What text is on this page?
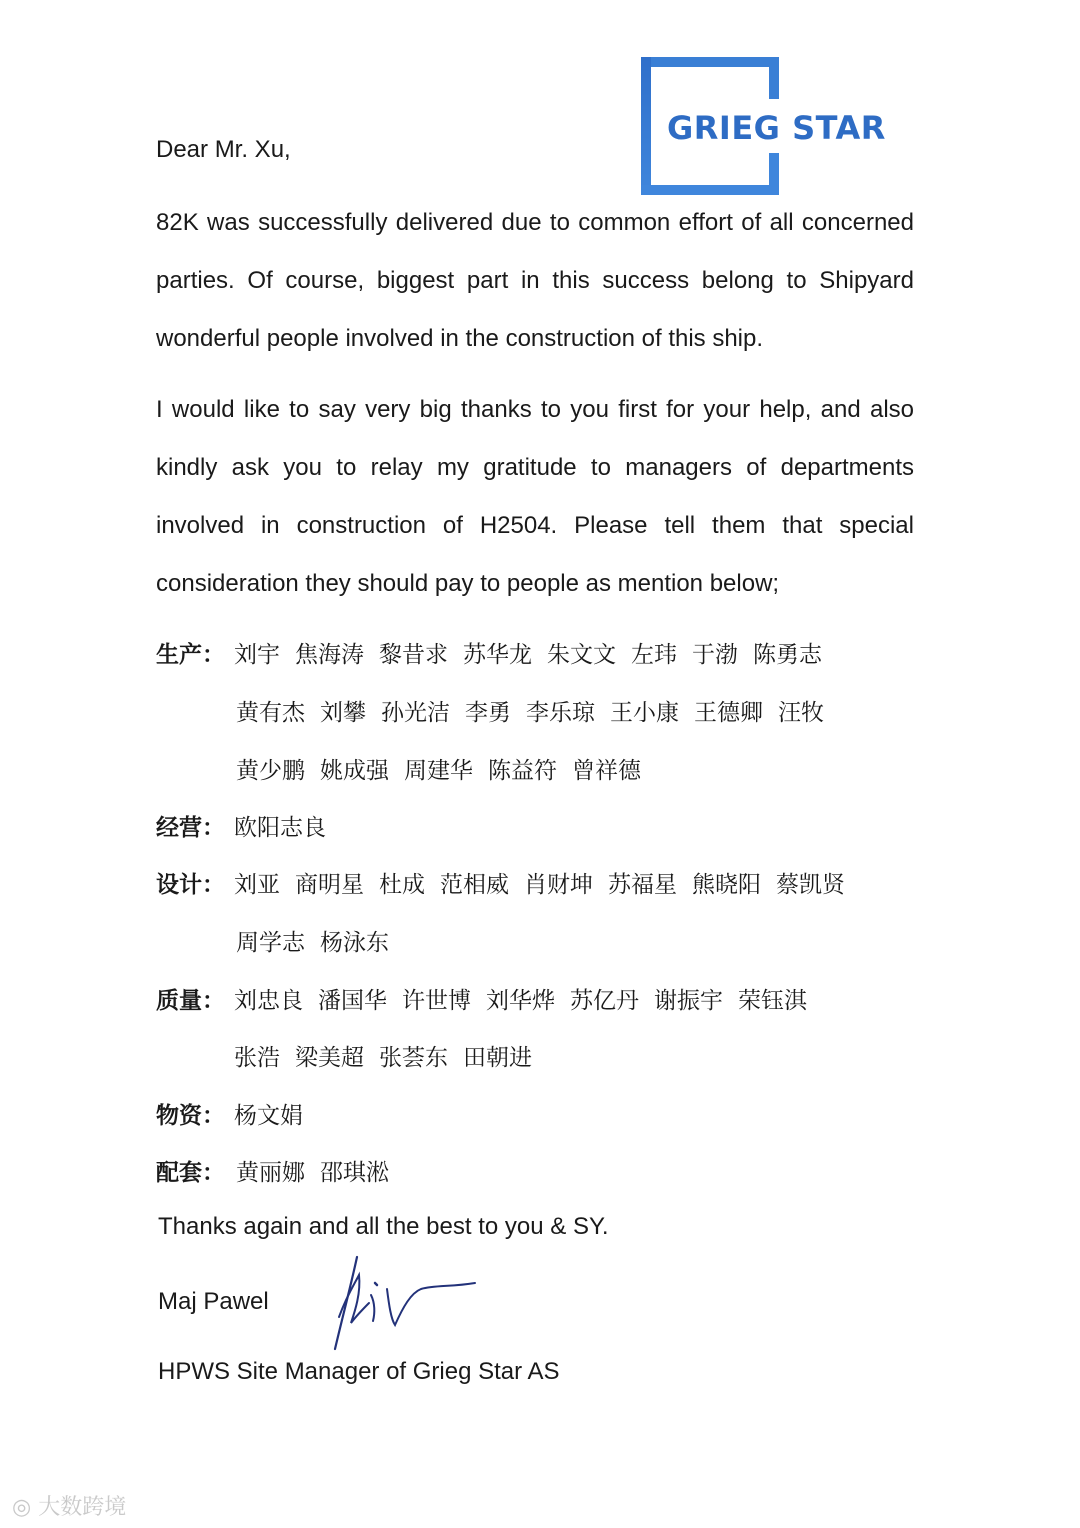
GRIEG STAR
Dear Mr. Xu,
82K was successfully delivered due to common effort of all concerned parties. Of course, biggest part in this success belong to Shipyard wonderful people involved in the construction of this ship.
I would like to say very big thanks to you first for your help, and also kindly ask you to relay my gratitude to managers of departments involved in construction of H2504. Please tell them that special consideration they should pay to people as mention below;
生产： 刘宇 焦海涛 黎昔求 苏华龙 朱文文 左玮 于渤 陈勇志
黄有杰 刘攀 孙光洁 李勇 李乐琼 王小康 王德卿 汪牧
黄少鹏 姚成强 周建华 陈益符 曾祥德
经营： 欧阳志良
设计： 刘亚 商明星 杜成 范相威 肖财坤 苏福星 熊晓阳 蔡凯贤
周学志 杨泳东
质量： 刘忠良 潘国华 许世博 刘华烨 苏亿丹 谢振宇 荣钰淇
张浩 梁美超 张荟东 田朝进
物资： 杨文娟
配套： 黄丽娜 邵琪淞
Thanks again and all the best to you & SY.
Maj Pawel
HPWS Site Manager of Grieg Star AS
◎ 大数跨境
